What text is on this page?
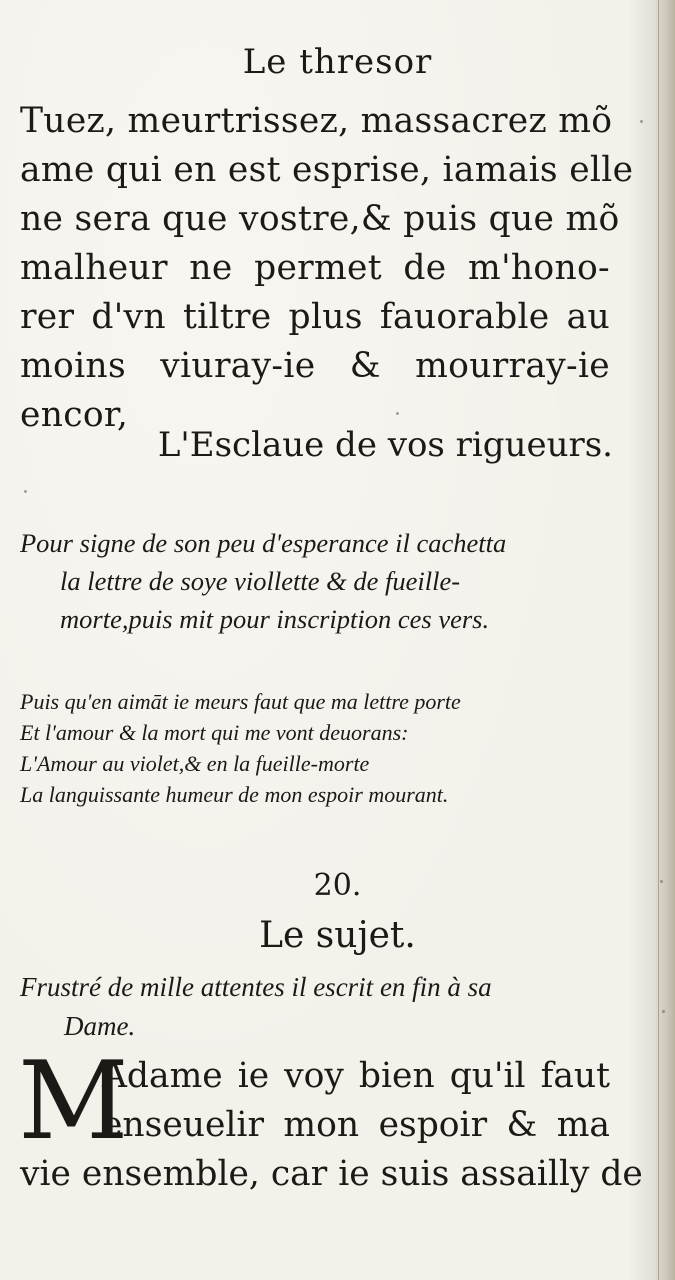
Le thresor
Tuez, meurtrissez, massacrez mõ
ame qui en est esprise, iamais elle
ne sera que vostre,& puis que mõ
malheur ne permet de m'hono-
rer d'vn tiltre plus fauorable au
moins viuray-ie & mourray-ie
encor,
L'Esclaue de vos rigueurs.
Pour signe de son peu d'esperance il cachetta
la lettre de soye viollette & de fueille-
morte,puis mit pour inscription ces vers.
Puis qu'en aimāt ie meurs faut que ma lettre porte
Et l'amour & la mort qui me vont deuorans:
L'Amour au violet,& en la fueille-morte
La languissante humeur de mon espoir mourant.
20.
Le sujet.
Frustré de mille attentes il escrit en fin à sa
Dame.
M
Adame ie voy bien qu'il faut
enseuelir mon espoir & ma
vie ensemble, car ie suis assailly de
